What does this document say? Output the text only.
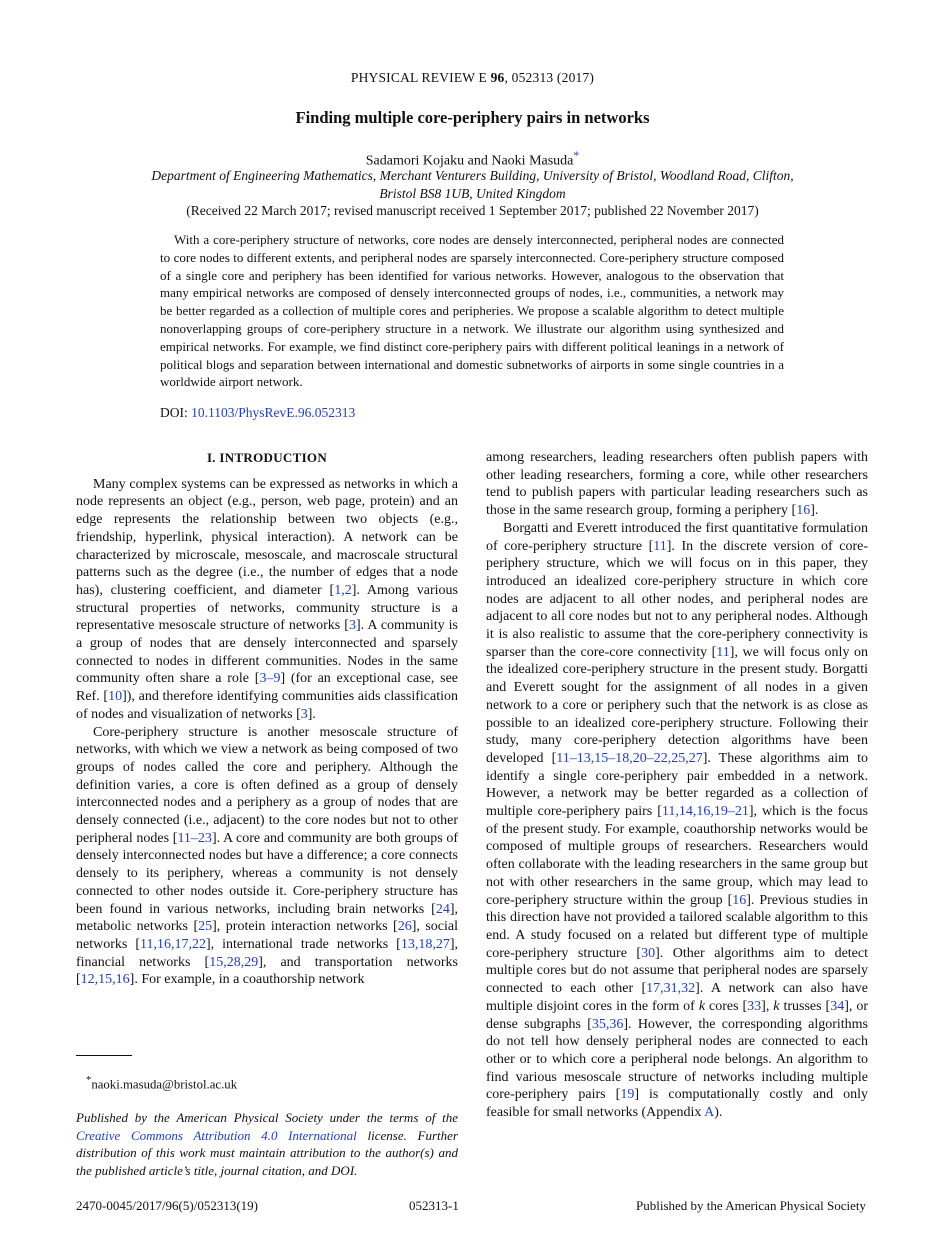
PHYSICAL REVIEW E 96, 052313 (2017)
Finding multiple core-periphery pairs in networks
Sadamori Kojaku and Naoki Masuda*
Department of Engineering Mathematics, Merchant Venturers Building, University of Bristol, Woodland Road, Clifton, Bristol BS8 1UB, United Kingdom
(Received 22 March 2017; revised manuscript received 1 September 2017; published 22 November 2017)
With a core-periphery structure of networks, core nodes are densely interconnected, peripheral nodes are connected to core nodes to different extents, and peripheral nodes are sparsely interconnected. Core-periphery structure composed of a single core and periphery has been identified for various networks. However, analogous to the observation that many empirical networks are composed of densely interconnected groups of nodes, i.e., communities, a network may be better regarded as a collection of multiple cores and peripheries. We propose a scalable algorithm to detect multiple nonoverlapping groups of core-periphery structure in a network. We illustrate our algorithm using synthesized and empirical networks. For example, we find distinct core-periphery pairs with different political leanings in a network of political blogs and separation between international and domestic subnetworks of airports in some single countries in a worldwide airport network.
DOI: 10.1103/PhysRevE.96.052313
I. INTRODUCTION

Many complex systems can be expressed as networks in which a node represents an object (e.g., person, web page, protein) and an edge represents the relationship between two objects (e.g., friendship, hyperlink, physical interaction). A network can be characterized by microscale, mesoscale, and macroscale structural patterns such as the degree (i.e., the number of edges that a node has), clustering coefficient, and diameter [1,2]. Among various structural properties of networks, community structure is a representative mesoscale structure of networks [3]. A community is a group of nodes that are densely interconnected and sparsely connected to nodes in different communities. Nodes in the same community often share a role [3–9] (for an exceptional case, see Ref. [10]), and therefore identifying communities aids classification of nodes and visualization of networks [3].

Core-periphery structure is another mesoscale structure of networks, with which we view a network as being composed of two groups of nodes called the core and periphery. Although the definition varies, a core is often defined as a group of densely interconnected nodes and a periphery as a group of nodes that are densely connected (i.e., adjacent) to the core nodes but not to other peripheral nodes [11–23]. A core and community are both groups of densely interconnected nodes but have a difference; a core connects densely to its periphery, whereas a community is not densely connected to other nodes outside it. Core-periphery structure has been found in various networks, including brain networks [24], metabolic networks [25], protein interaction networks [26], social networks [11,16,17,22], international trade networks [13,18,27], financial networks [15,28,29], and transportation networks [12,15,16]. For example, in a coauthorship network

among researchers, leading researchers often publish papers with other leading researchers, forming a core, while other researchers tend to publish papers with particular leading researchers such as those in the same research group, forming a periphery [16].

Borgatti and Everett introduced the first quantitative formulation of core-periphery structure [11]. In the discrete version of core-periphery structure, which we will focus on in this paper, they introduced an idealized core-periphery structure in which core nodes are adjacent to all other nodes, and peripheral nodes are adjacent to all core nodes but not to any peripheral nodes. Although it is also realistic to assume that the core-periphery connectivity is sparser than the core-core connectivity [11], we will focus only on the idealized core-periphery structure in the present study. Borgatti and Everett sought for the assignment of all nodes in a given network to a core or periphery such that the network is as close as possible to an idealized core-periphery structure. Following their study, many core-periphery detection algorithms have been developed [11–13,15–18,20–22,25,27]. These algorithms aim to identify a single core-periphery pair embedded in a network. However, a network may be better regarded as a collection of multiple core-periphery pairs [11,14,16,19–21], which is the focus of the present study. For example, coauthorship networks would be composed of multiple groups of researchers. Researchers would often collaborate with the leading researchers in the same group but not with other researchers in the same group, which may lead to core-periphery structure within the group [16]. Previous studies in this direction have not provided a tailored scalable algorithm to this end. A study focused on a related but different type of multiple core-periphery structure [30]. Other algorithms aim to detect multiple cores but do not assume that peripheral nodes are sparsely connected to each other [17,31,32]. A network can also have multiple disjoint cores in the form of k cores [33], k trusses [34], or dense subgraphs [35,36]. However, the corresponding algorithms do not tell how densely peripheral nodes are connected to each other or to which core a peripheral node belongs. An algorithm to find various mesoscale structure of networks including multiple core-periphery pairs [19] is computationally costly and only feasible for small networks (Appendix A).

*naoki.masuda@bristol.ac.uk
Published by the American Physical Society under the terms of the Creative Commons Attribution 4.0 International license. Further distribution of this work must maintain attribution to the author(s) and the published article’s title, journal citation, and DOI.
2470-0045/2017/96(5)/052313(19)	052313-1	Published by the American Physical Society
